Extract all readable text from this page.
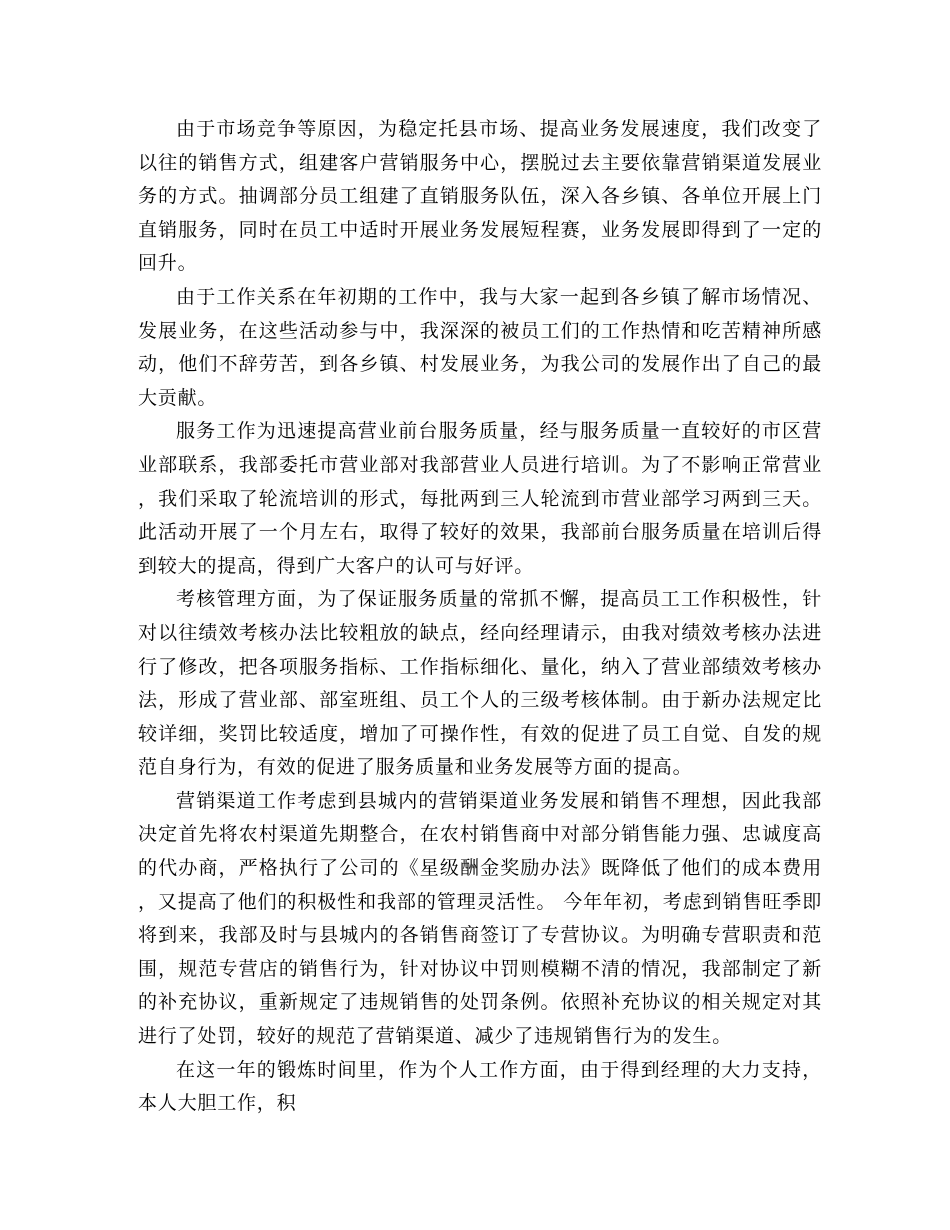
由于市场竞争等原因，为稳定托县市场、提高业务发展速度，我们改变了以往的销售方式，组建客户营销服务中心，摆脱过去主要依靠营销渠道发展业务的方式。抽调部分员工组建了直销服务队伍，深入各乡镇、各单位开展上门直销服务，同时在员工中适时开展业务发展短程赛，业务发展即得到了一定的回升。

由于工作关系在年初期的工作中，我与大家一起到各乡镇了解市场情况、发展业务，在这些活动参与中，我深深的被员工们的工作热情和吃苦精神所感动，他们不辞劳苦，到各乡镇、村发展业务，为我公司的发展作出了自己的最大贡献。

服务工作为迅速提高营业前台服务质量，经与服务质量一直较好的市区营业部联系，我部委托市营业部对我部营业人员进行培训。为了不影响正常营业，我们采取了轮流培训的形式，每批两到三人轮流到市营业部学习两到三天。此活动开展了一个月左右，取得了较好的效果，我部前台服务质量在培训后得到较大的提高，得到广大客户的认可与好评。

考核管理方面，为了保证服务质量的常抓不懈，提高员工工作积极性，针对以往绩效考核办法比较粗放的缺点，经向经理请示，由我对绩效考核办法进行了修改，把各项服务指标、工作指标细化、量化，纳入了营业部绩效考核办法，形成了营业部、部室班组、员工个人的三级考核体制。由于新办法规定比较详细，奖罚比较适度，增加了可操作性，有效的促进了员工自觉、自发的规范自身行为，有效的促进了服务质量和业务发展等方面的提高。

营销渠道工作考虑到县城内的营销渠道业务发展和销售不理想，因此我部决定首先将农村渠道先期整合，在农村销售商中对部分销售能力强、忠诚度高的代办商，严格执行了公司的《星级酬金奖励办法》既降低了他们的成本费用，又提高了他们的积极性和我部的管理灵活性。 今年年初，考虑到销售旺季即将到来，我部及时与县城内的各销售商签订了专营协议。为明确专营职责和范围，规范专营店的销售行为，针对协议中罚则模糊不清的情况，我部制定了新的补充协议，重新规定了违规销售的处罚条例。依照补充协议的相关规定对其进行了处罚，较好的规范了营销渠道、减少了违规销售行为的发生。

在这一年的锻炼时间里，作为个人工作方面，由于得到经理的大力支持，本人大胆工作，积
